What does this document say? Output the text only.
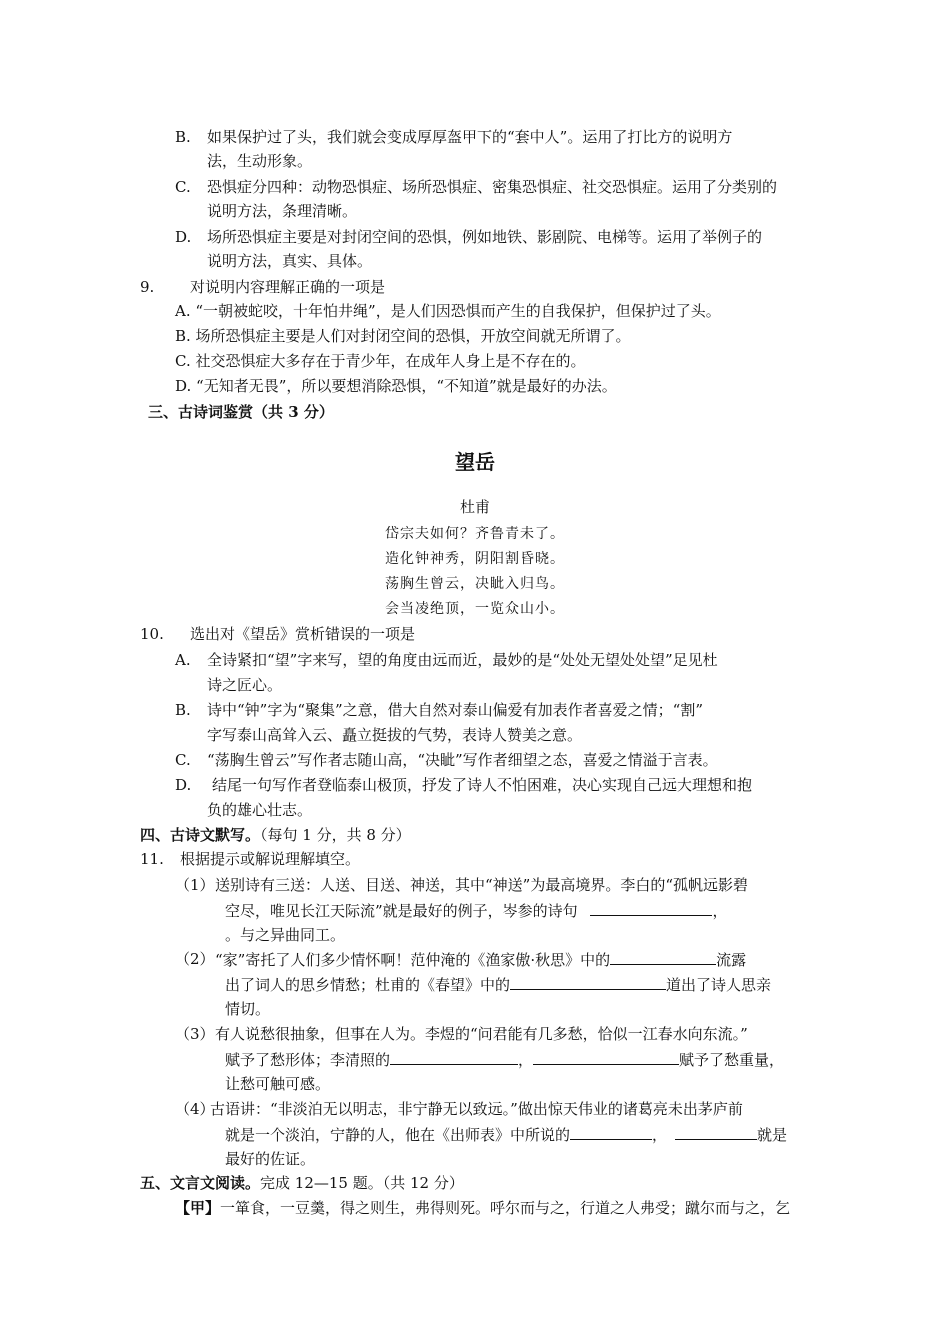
B. 如果保护过了头，我们就会变成厚厚盔甲下的“套中人”。运用了打比方的说明方
法，生动形象。
C. 恐惧症分四种：动物恐惧症、场所恐惧症、密集恐惧症、社交恐惧症。运用了分类别的
说明方法，条理清晰。
D. 场所恐惧症主要是对封闭空间的恐惧，例如地铁、影剧院、电梯等。运用了举例子的
说明方法，真实、具体。
9. 对说明内容理解正确的一项是
A. “一朝被蛇咬，十年怕井绳”，是人们因恐惧而产生的自我保护，但保护过了头。
B. 场所恐惧症主要是人们对封闭空间的恐惧，开放空间就无所谓了。
C. 社交恐惧症大多存在于青少年，在成年人身上是不存在的。
D. “无知者无畏”，所以要想消除恐惧，“不知道”就是最好的办法。
三、古诗词鉴赏（共 3 分）
望岳
杜甫
岱宗夫如何？齐鲁青未了。
造化钟神秀，阴阳割昏晓。
荡胸生曾云，决眦入归鸟。
会当凌绝顶，一览众山小。
10. 选出对《望岳》赏析错误的一项是
A. 全诗紧扣“望”字来写，望的角度由远而近，最妙的是“处处无望处处望”足见杜
诗之匠心。
B. 诗中“钟”字为“聚集”之意，借大自然对泰山偏爱有加表作者喜爱之情；“割”
字写泰山高耸入云、矗立挺拔的气势，表诗人赞美之意。
C. “荡胸生曾云”写作者志随山高，“决眦”写作者细望之态，喜爱之情溢于言表。
D. 结尾一句写作者登临泰山极顶，抒发了诗人不怕困难，决心实现自己远大理想和抱
负的雄心壮志。
四、古诗文默写。（每句 1 分，共 8 分）
11. 根据提示或解说理解填空。
（1） 送别诗有三送：人送、目送、神送，其中“神送”为最高境界。李白的“孤帆远影碧
空尽，唯见长江天际流”就是最好的例子，岑参的诗句	，
。与之异曲同工。
（2） “家”寄托了人们多少情怀啊！范仲淹的《渔家傲·秋思》中的	流露
出了词人的思乡情愁；杜甫的《春望》中的	道出了诗人思亲
情切。
（3） 有人说愁很抽象，但事在人为。李煜的“问君能有几多愁，恰似一江春水向东流。”
赋予了愁形体；李清照的	，	赋予了愁重量，
让愁可触可感。
（4）
古语讲：“非淡泊无以明志，非宁静无以致远。”做出惊天伟业的诸葛亮未出茅庐前
就是一个淡泊，宁静的人，他在《出师表》中所说的	，	就是
最好的佐证。
五、文言文阅读。完成 12—15 题。（共 12 分）
【甲】一箪食，一豆羹，得之则生，弗得则死。呼尔而与之，行道之人弗受；蹴尔而与之，乞
